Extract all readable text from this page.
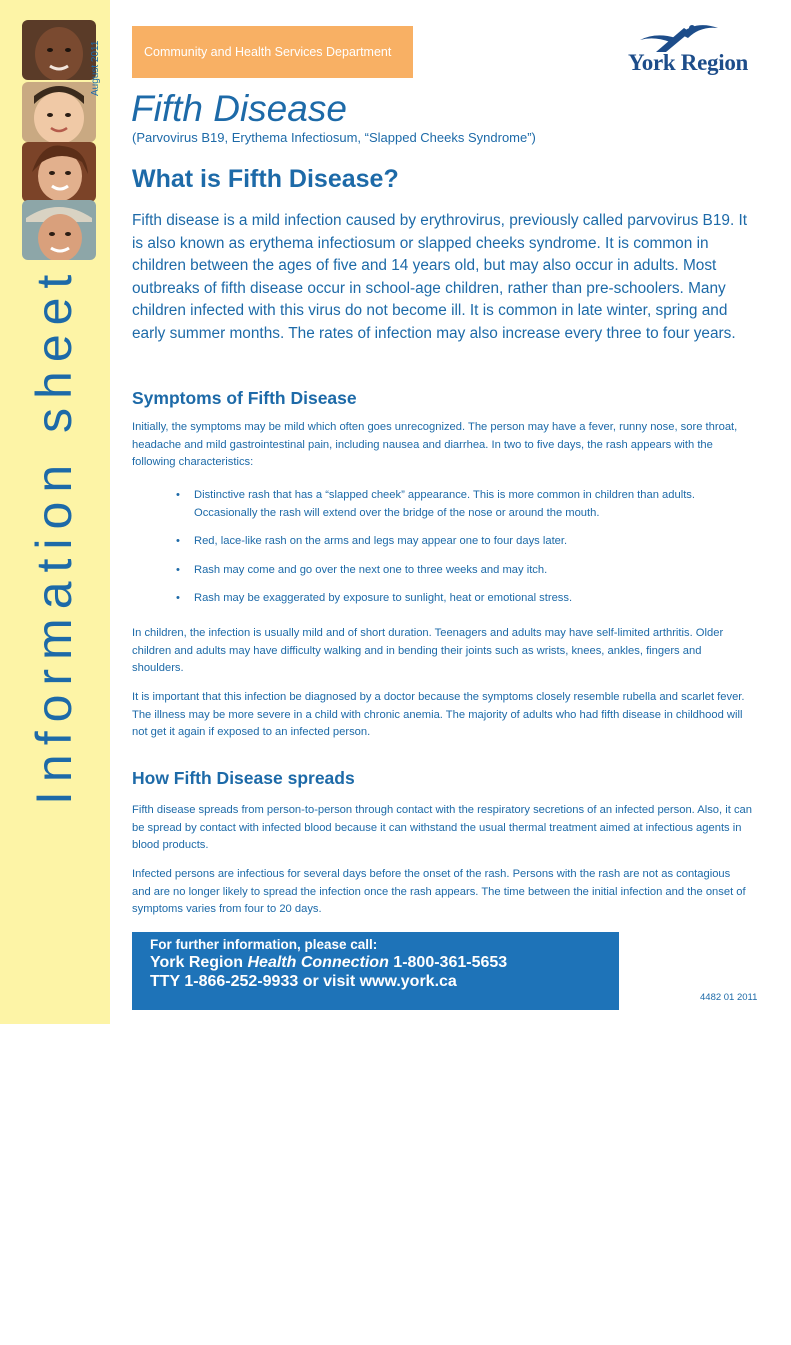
August 2011
Information sheet
Community and Health Services Department	York Region
Fifth Disease
(Parvovirus B19, Erythema Infectiosum, “Slapped Cheeks Syndrome”)
What is Fifth Disease?

Fifth disease is a mild infection caused by erythrovirus, previously called parvovirus B19. It is also known as erythema infectiosum or slapped cheeks syndrome. It is common in children between the ages of five and 14 years old, but may also occur in adults. Most outbreaks of fifth disease occur in school-age children, rather than pre-schoolers. Many children infected with this virus do not become ill. It is common in late winter, spring and early summer months. The rates of infection may also increase every three to four years.

Symptoms of Fifth Disease

Initially, the symptoms may be mild which often goes unrecognized. The person may have a fever, runny nose, sore throat, headache and mild gastrointestinal pain, including nausea and diarrhea. In two to five days, the rash appears with the following characteristics:

• Distinctive rash that has a “slapped cheek” appearance. This is more common in children than adults. Occasionally the rash will extend over the bridge of the nose or around the mouth.
• Red, lace-like rash on the arms and legs may appear one to four days later.
• Rash may come and go over the next one to three weeks and may itch.
• Rash may be exaggerated by exposure to sunlight, heat or emotional stress.

In children, the infection is usually mild and of short duration. Teenagers and adults may have self-limited arthritis. Older children and adults may have difficulty walking and in bending their joints such as wrists, knees, ankles, fingers and shoulders.

It is important that this infection be diagnosed by a doctor because the symptoms closely resemble rubella and scarlet fever. The illness may be more severe in a child with chronic anemia. The majority of adults who had fifth disease in childhood will not get it again if exposed to an infected person.

How Fifth Disease spreads

Fifth disease spreads from person-to-person through contact with the respiratory secretions of an infected person. Also, it can be spread by contact with infected blood because it can withstand the usual thermal treatment aimed at infectious agents in blood products.

Infected persons are infectious for several days before the onset of the rash. Persons with the rash are not as contagious and are no longer likely to spread the infection once the rash appears. The time between the initial infection and the onset of symptoms varies from four to 20 days.

For further information, please call:
York Region Health Connection 1-800-361-5653
TTY 1-866-252-9933 or visit www.york.ca
4482 01 2011
